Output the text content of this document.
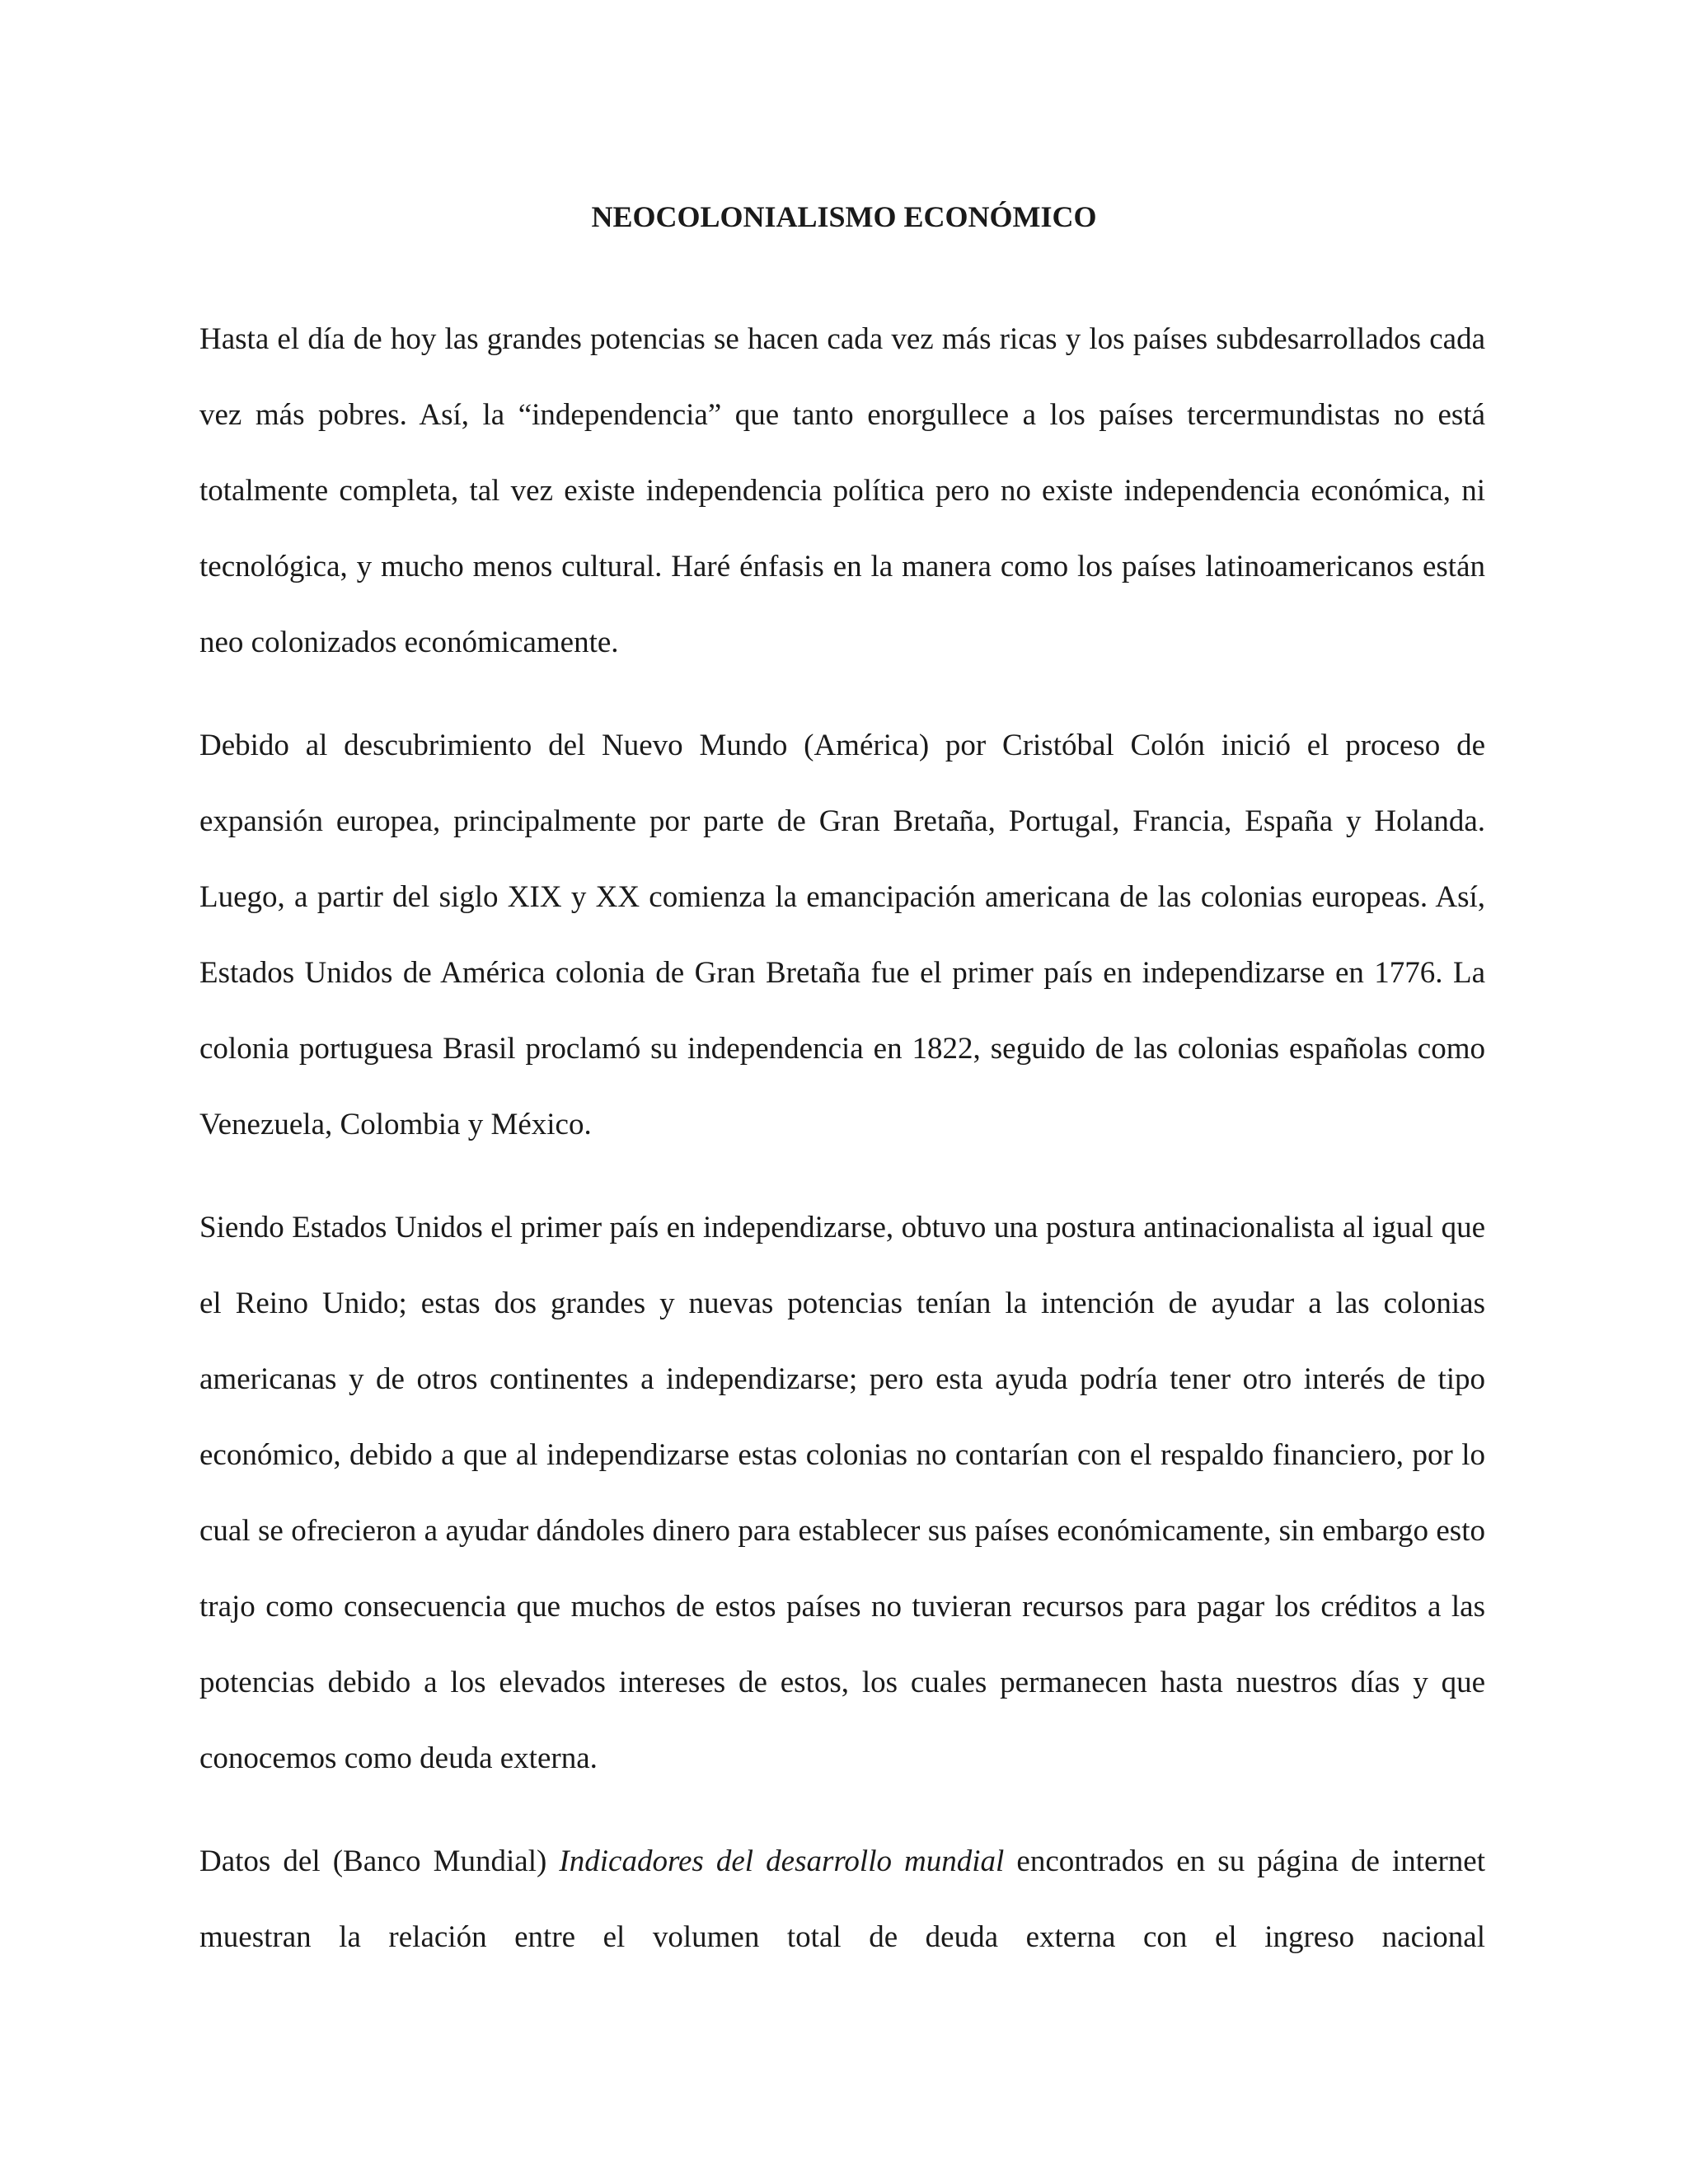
NEOCOLONIALISMO ECONÓMICO

Hasta el día de hoy las grandes potencias se hacen cada vez más ricas y los países subdesarrollados cada vez más pobres. Así, la “independencia” que tanto enorgullece a los países tercermundistas no está totalmente completa, tal vez existe independencia política pero no existe independencia económica, ni tecnológica, y mucho menos cultural. Haré énfasis en la manera como los países latinoamericanos están neo colonizados económicamente.

Debido al descubrimiento del Nuevo Mundo (América) por Cristóbal Colón inició el proceso de expansión europea, principalmente por parte de Gran Bretaña, Portugal, Francia, España y Holanda. Luego, a partir del siglo XIX y XX comienza la emancipación americana de las colonias europeas. Así, Estados Unidos de América colonia de Gran Bretaña fue el primer país en independizarse en 1776. La colonia portuguesa Brasil proclamó su independencia en 1822, seguido de las colonias españolas como Venezuela, Colombia y México.

Siendo Estados Unidos el primer país en independizarse, obtuvo una postura antinacionalista al igual que el Reino Unido; estas dos grandes y nuevas potencias tenían la intención de ayudar a las colonias americanas y de otros continentes a independizarse; pero esta ayuda podría tener otro interés de tipo económico, debido a que al independizarse estas colonias no contarían con el respaldo financiero, por lo cual se ofrecieron a ayudar dándoles dinero para establecer sus países económicamente, sin embargo esto trajo como consecuencia que muchos de estos países no tuvieran recursos para pagar los créditos a las potencias debido a los elevados intereses de estos, los cuales permanecen hasta nuestros días y que conocemos como deuda externa.

Datos del (Banco Mundial) Indicadores del desarrollo mundial encontrados en su página de internet muestran la relación entre el volumen total de deuda externa con el ingreso nacional
